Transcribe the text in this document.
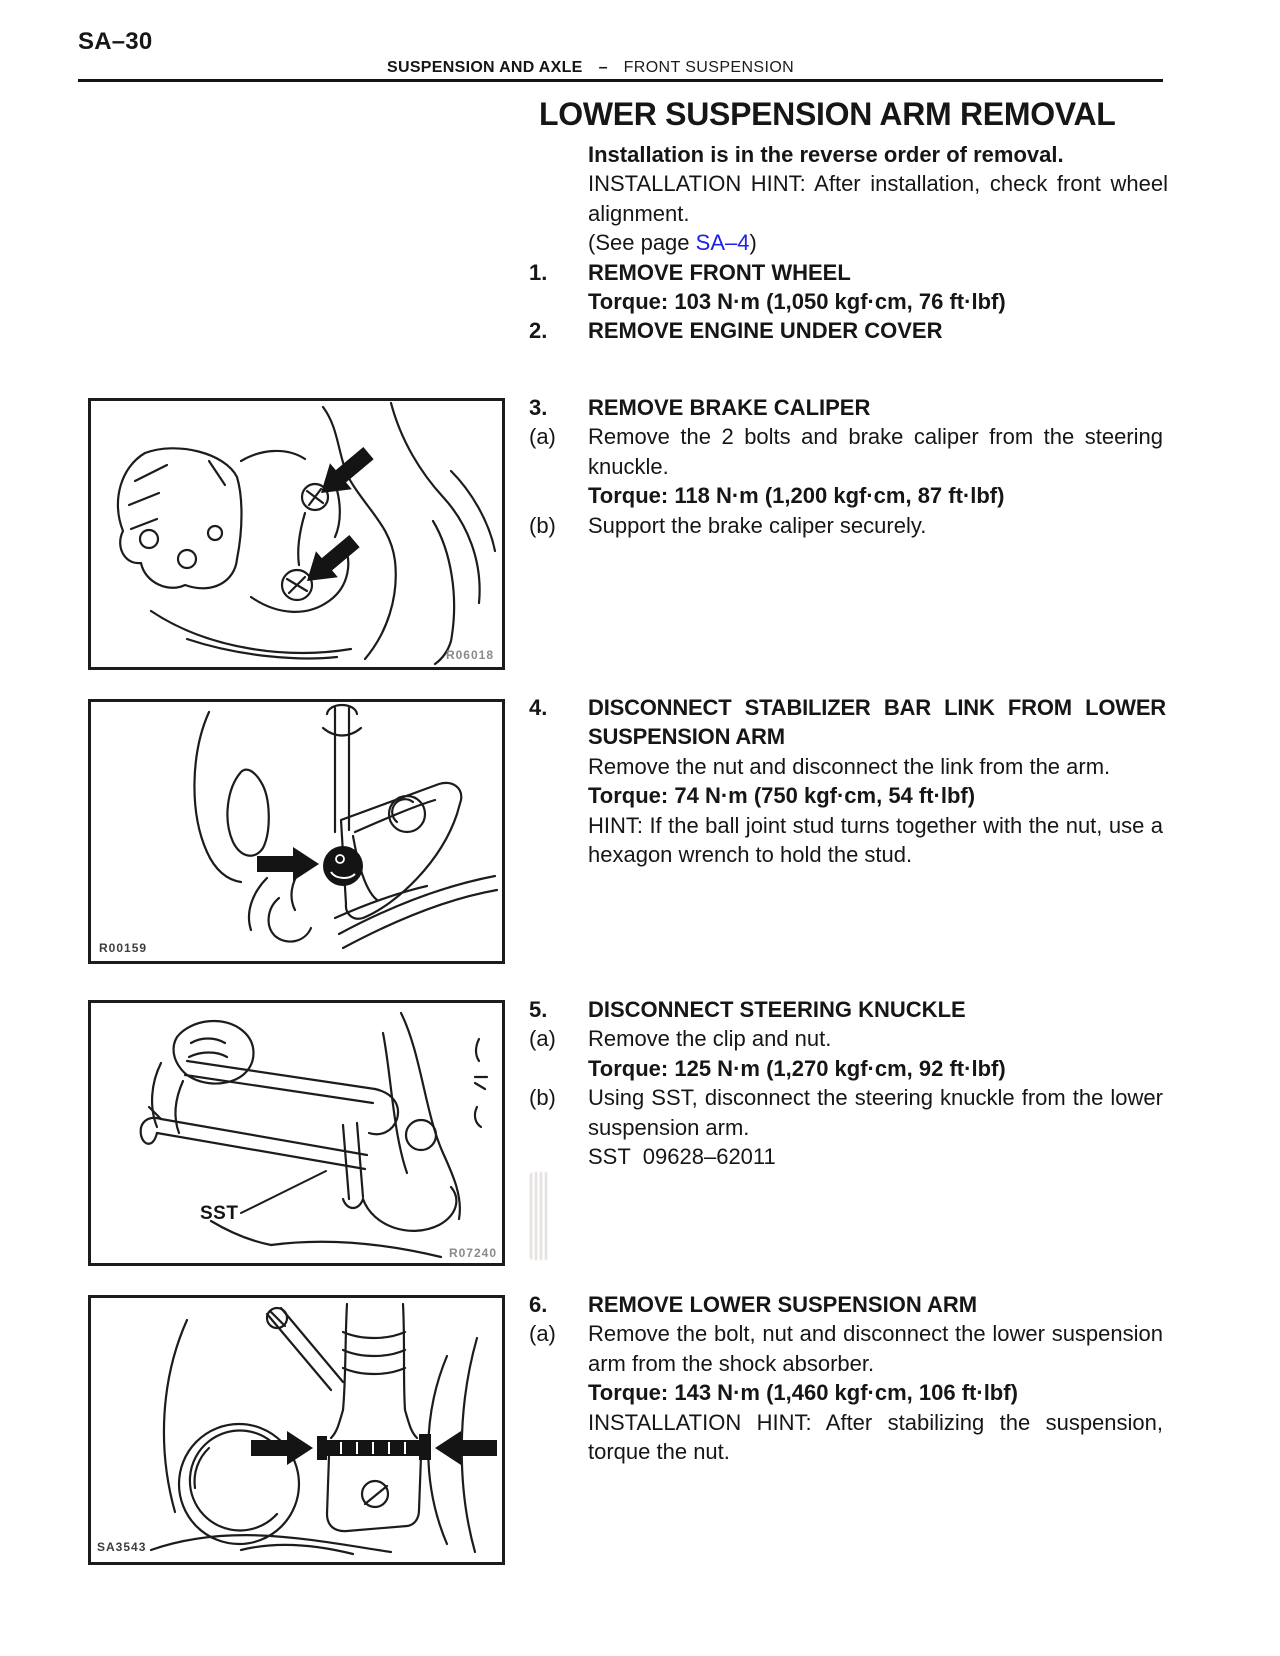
SA–30
SUSPENSION AND AXLE – FRONT SUSPENSION
LOWER SUSPENSION ARM REMOVAL
Installation is in the reverse order of removal.
INSTALLATION HINT: After installation, check front wheel alignment.
(See page SA–4)
1. REMOVE FRONT WHEEL
Torque: 103 N·m (1,050 kgf·cm, 76 ft·lbf)
2. REMOVE ENGINE UNDER COVER
3. REMOVE BRAKE CALIPER
(a) Remove the 2 bolts and brake caliper from the steering knuckle.
Torque: 118 N·m (1,200 kgf·cm, 87 ft·lbf)
(b) Support the brake caliper securely.
4. DISCONNECT STABILIZER BAR LINK FROM LOWER SUSPENSION ARM
Remove the nut and disconnect the link from the arm.
Torque: 74 N·m (750 kgf·cm, 54 ft·lbf)
HINT: If the ball joint stud turns together with the nut, use a hexagon wrench to hold the stud.
5. DISCONNECT STEERING KNUCKLE
(a) Remove the clip and nut.
Torque: 125 N·m (1,270 kgf·cm, 92 ft·lbf)
(b) Using SST, disconnect the steering knuckle from the lower suspension arm.
SST 09628–62011
6. REMOVE LOWER SUSPENSION ARM
(a) Remove the bolt, nut and disconnect the lower suspension arm from the shock absorber.
Torque: 143 N·m (1,460 kgf·cm, 106 ft·lbf)
INSTALLATION HINT: After stabilizing the suspension, torque the nut.
R06018
R00159
SST
R07240
SA3543
